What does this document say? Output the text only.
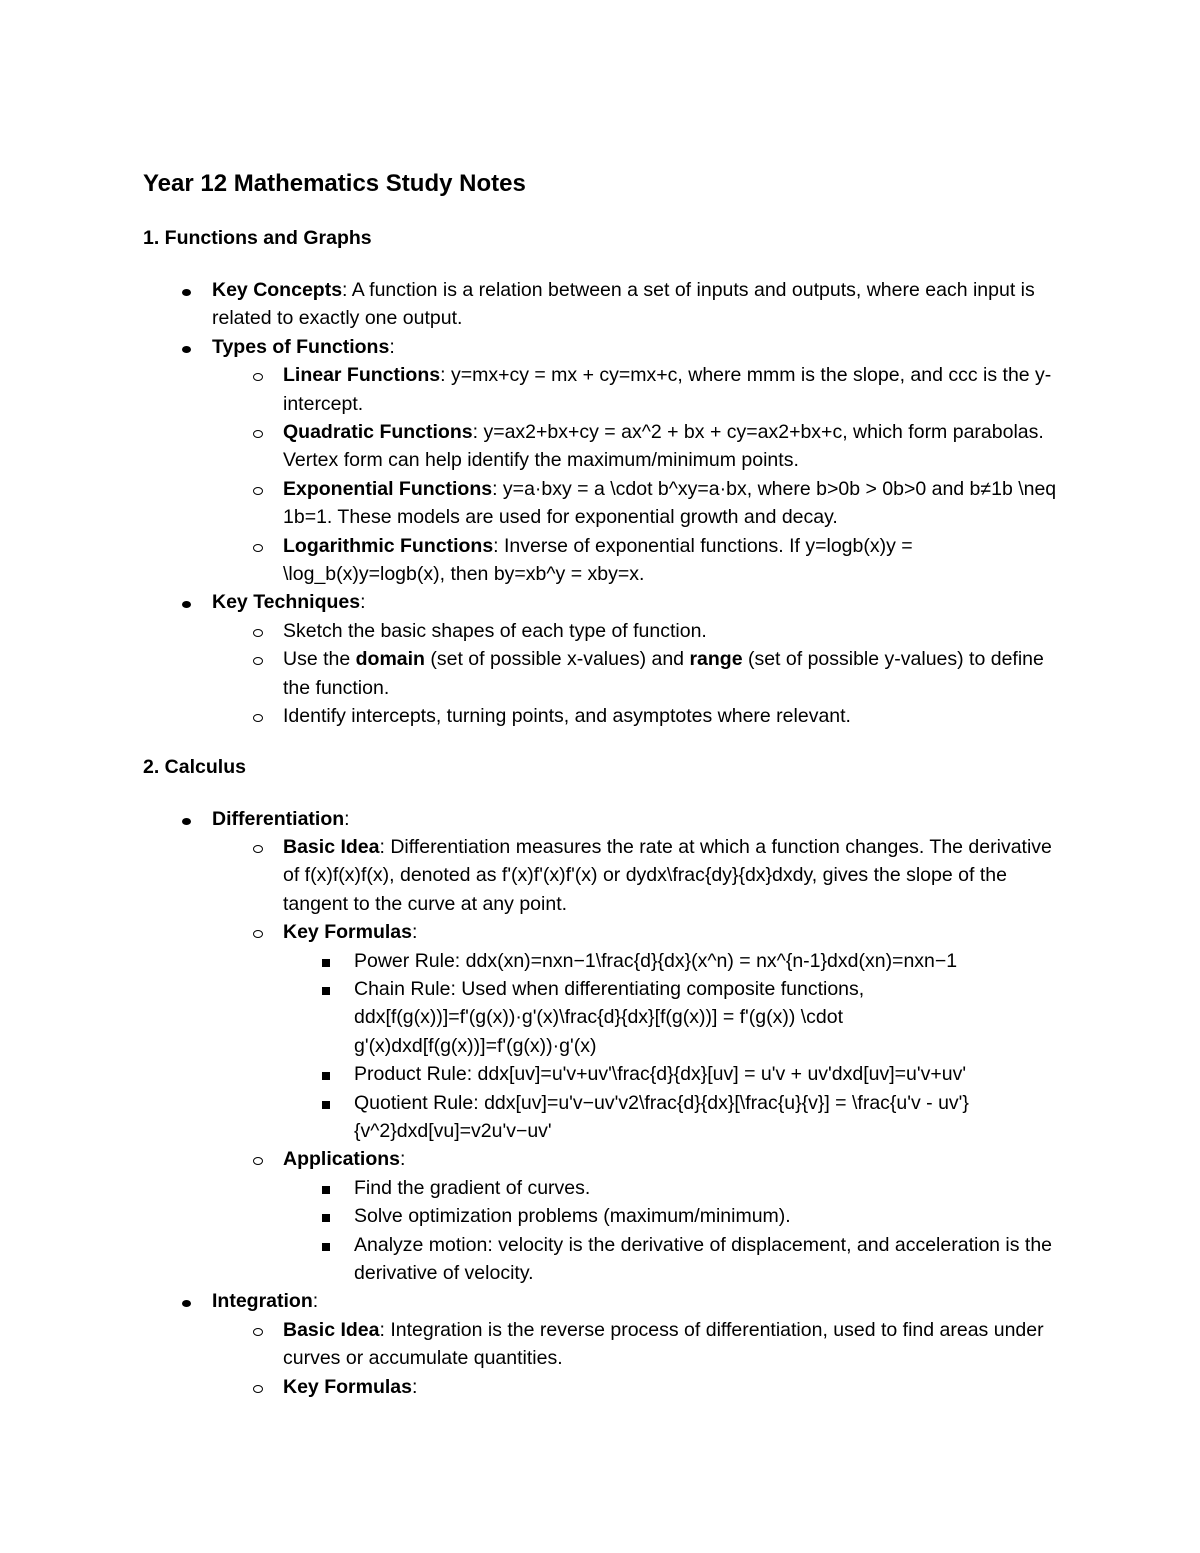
Year 12 Mathematics Study Notes
1. Functions and Graphs
Key Concepts: A function is a relation between a set of inputs and outputs, where each input is related to exactly one output.
Types of Functions:
Linear Functions: y=mx+cy = mx + cy=mx+c, where mmm is the slope, and ccc is the y-intercept.
Quadratic Functions: y=ax2+bx+cy = ax^2 + bx + cy=ax2+bx+c, which form parabolas. Vertex form can help identify the maximum/minimum points.
Exponential Functions: y=a·bxy = a \cdot b^xy=a·bx, where b>0b > 0b>0 and b≠1b \neq 1b=1. These models are used for exponential growth and decay.
Logarithmic Functions: Inverse of exponential functions. If y=logb(x)y = \log_b(x)y=logb(x), then by=xb^y = xby=x.
Key Techniques:
Sketch the basic shapes of each type of function.
Use the domain (set of possible x-values) and range (set of possible y-values) to define the function.
Identify intercepts, turning points, and asymptotes where relevant.
2. Calculus
Differentiation:
Basic Idea: Differentiation measures the rate at which a function changes. The derivative of f(x)f(x)f(x), denoted as f'(x)f'(x)f'(x) or dydx\frac{dy}{dx}dxdy, gives the slope of the tangent to the curve at any point.
Key Formulas:
Power Rule: ddx(xn)=nxn−1\frac{d}{dx}(x^n) = nx^{n-1}dxd(xn)=nxn−1
Chain Rule: Used when differentiating composite functions, ddx[f(g(x))]=f'(g(x))·g'(x)\frac{d}{dx}[f(g(x))] = f'(g(x)) \cdot g'(x)dxd[f(g(x))]=f'(g(x))·g'(x)
Product Rule: ddx[uv]=u'v+uv'\frac{d}{dx}[uv] = u'v + uv'dxd[uv]=u'v+uv'
Quotient Rule: ddx[uv]=u'v−uv'v2\frac{d}{dx}[\frac{u}{v}] = \frac{u'v - uv'}{v^2}dxd[vu]=v2u'v−uv'
Applications:
Find the gradient of curves.
Solve optimization problems (maximum/minimum).
Analyze motion: velocity is the derivative of displacement, and acceleration is the derivative of velocity.
Integration:
Basic Idea: Integration is the reverse process of differentiation, used to find areas under curves or accumulate quantities.
Key Formulas:
